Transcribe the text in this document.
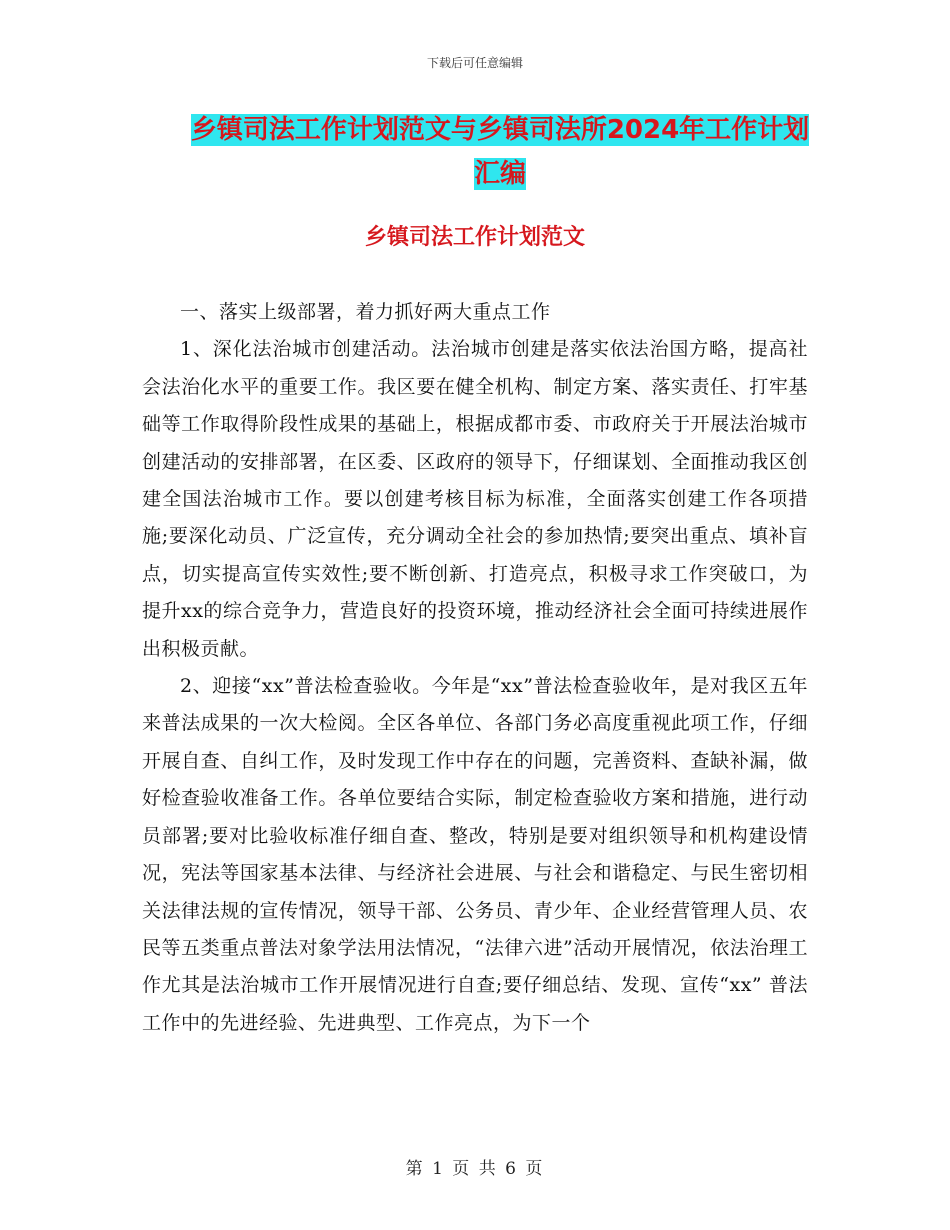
下载后可任意编辑
乡镇司法工作计划范文与乡镇司法所2024年工作计划
汇编
乡镇司法工作计划范文

一、落实上级部署，着力抓好两大重点工作

1、深化法治城市创建活动。法治城市创建是落实依法治国方略，提高社会法治化水平的重要工作。我区要在健全机构、制定方案、落实责任、打牢基础等工作取得阶段性成果的基础上，根据成都市委、市政府关于开展法治城市创建活动的安排部署，在区委、区政府的领导下，仔细谋划、全面推动我区创建全国法治城市工作。要以创建考核目标为标准，全面落实创建工作各项措施;要深化动员、广泛宣传，充分调动全社会的参加热情;要突出重点、填补盲点，切实提高宣传实效性;要不断创新、打造亮点，积极寻求工作突破口，为提升xx的综合竞争力，营造良好的投资环境，推动经济社会全面可持续进展作出积极贡献。

2、迎接“xx”普法检查验收。今年是“xx”普法检查验收年，是对我区五年来普法成果的一次大检阅。全区各单位、各部门务必高度重视此项工作，仔细开展自查、自纠工作，及时发现工作中存在的问题，完善资料、查缺补漏，做好检查验收准备工作。各单位要结合实际，制定检查验收方案和措施，进行动员部署;要对比验收标准仔细自查、整改，特别是要对组织领导和机构建设情况，宪法等国家基本法律、与经济社会进展、与社会和谐稳定、与民生密切相关法律法规的宣传情况，领导干部、公务员、青少年、企业经营管理人员、农民等五类重点普法对象学法用法情况，“法律六进”活动开展情况，依法治理工作尤其是法治城市工作开展情况进行自查;要仔细总结、发现、宣传“xx” 普法工作中的先进经验、先进典型、工作亮点，为下一个

第 1 页 共 6 页
